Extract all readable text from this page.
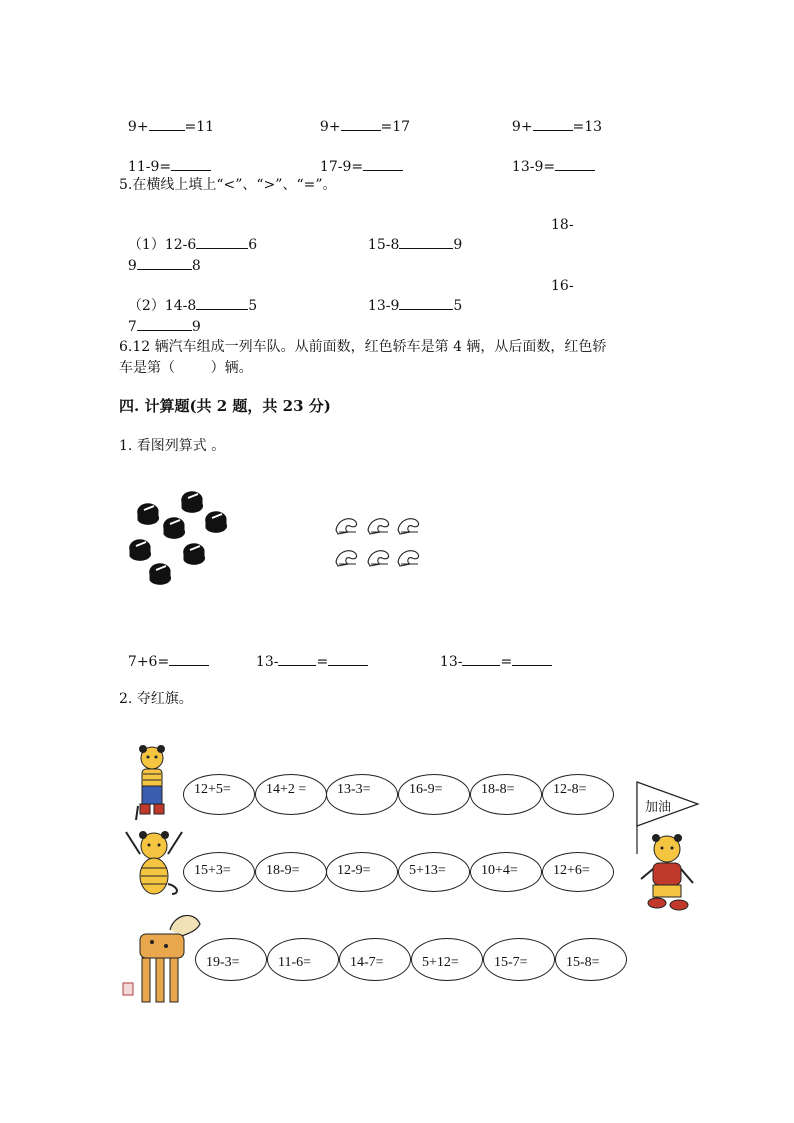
9+	=11	9+	=17	9+	=13

11-9=	17-9=	13-9=

5.在横线上填上“<”、“>”、“=”。

（1）12-6	6	15-8	9

18-

9	8

（2）14-8	5	13-9	5

16-

7	9

6.12 辆汽车组成一列车队。从前面数，红色轿车是第 4 辆，从后面数，红色轿
车是第（        ）辆。
四. 计算题(共 2 题，共 23 分)
1. 看图列算式 。

7+6=	13-	=	13-	=

2. 夺红旗。
12+5=	14+2 =	13-3=	16-9=	18-8=	12-8=
15+3=	18-9=	12-9=	5+13=	10+4=	12+6=
19-3=	11-6=	14-7=	5+12=	15-7=	15-8=
加油
